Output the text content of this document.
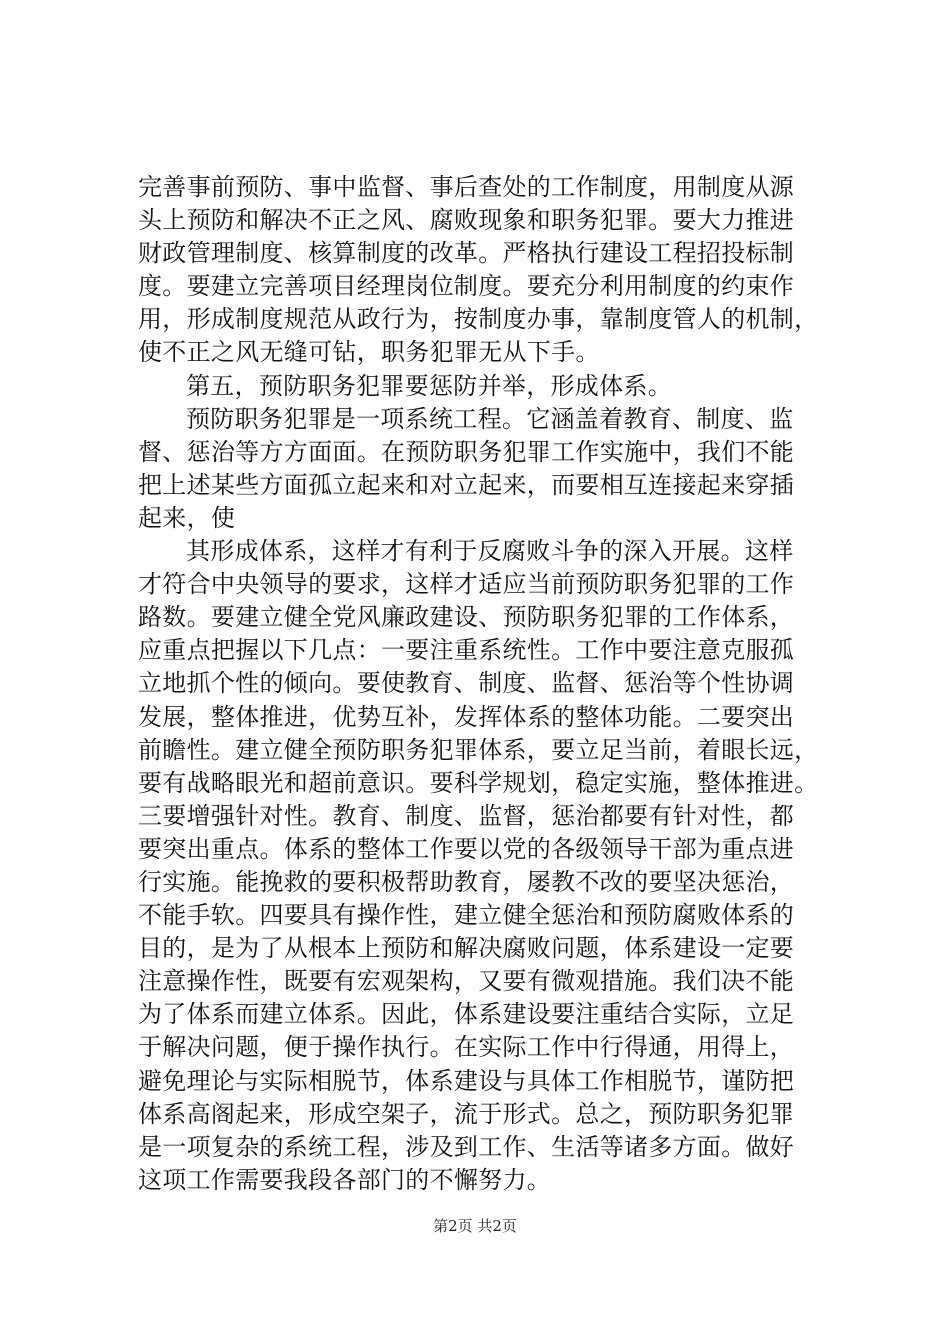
完善事前预防、事中监督、事后查处的工作制度，用制度从源
头上预防和解决不正之风、腐败现象和职务犯罪。要大力推进
财政管理制度、核算制度的改革。严格执行建设工程招投标制
度。要建立完善项目经理岗位制度。要充分利用制度的约束作
用，形成制度规范从政行为，按制度办事，靠制度管人的机制，
使不正之风无缝可钻，职务犯罪无从下手。

第五，预防职务犯罪要惩防并举，形成体系。

预防职务犯罪是一项系统工程。它涵盖着教育、制度、监
督、惩治等方方面面。在预防职务犯罪工作实施中，我们不能
把上述某些方面孤立起来和对立起来，而要相互连接起来穿插
起来，使

其形成体系，这样才有利于反腐败斗争的深入开展。这样
才符合中央领导的要求，这样才适应当前预防职务犯罪的工作
路数。要建立健全党风廉政建设、预防职务犯罪的工作体系，
应重点把握以下几点：一要注重系统性。工作中要注意克服孤
立地抓个性的倾向。要使教育、制度、监督、惩治等个性协调
发展，整体推进，优势互补，发挥体系的整体功能。二要突出
前瞻性。建立健全预防职务犯罪体系，要立足当前，着眼长远，
要有战略眼光和超前意识。要科学规划，稳定实施，整体推进。
三要增强针对性。教育、制度、监督，惩治都要有针对性，都
要突出重点。体系的整体工作要以党的各级领导干部为重点进
行实施。能挽救的要积极帮助教育，屡教不改的要坚决惩治，
不能手软。四要具有操作性，建立健全惩治和预防腐败体系的
目的，是为了从根本上预防和解决腐败问题，体系建设一定要
注意操作性，既要有宏观架构，又要有微观措施。我们决不能
为了体系而建立体系。因此，体系建设要注重结合实际，立足
于解决问题，便于操作执行。在实际工作中行得通，用得上，
避免理论与实际相脱节，体系建设与具体工作相脱节，谨防把
体系高阁起来，形成空架子，流于形式。总之，预防职务犯罪
是一项复杂的系统工程，涉及到工作、生活等诸多方面。做好
这项工作需要我段各部门的不懈努力。

第2页 共2页
